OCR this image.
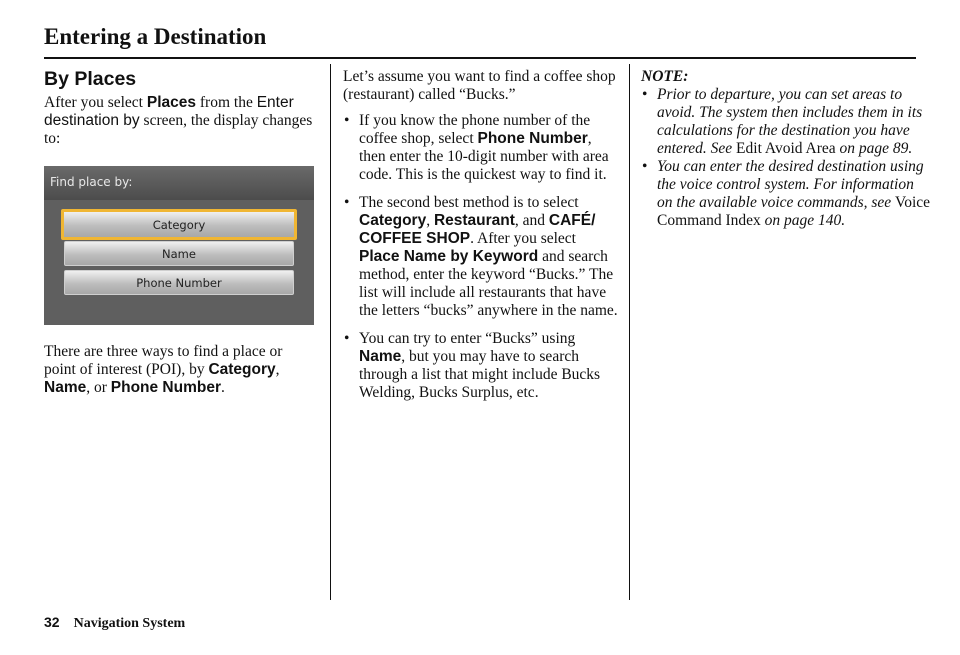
Entering a Destination
By Places

After you select Places from the Enter destination by screen, the display changes to:

Find place by:
Category
Name
Phone Number

There are three ways to find a place or point of interest (POI), by Category, Name, or Phone Number.

Let’s assume you want to find a coffee shop (restaurant) called “Bucks.”

• If you know the phone number of the coffee shop, select Phone Number, then enter the 10-digit number with area code. This is the quickest way to find it.
• The second best method is to select Category, Restaurant, and CAFÉ/ COFFEE SHOP. After you select Place Name by Keyword and search method, enter the keyword “Bucks.” The list will include all restaurants that have the letters “bucks” anywhere in the name.
• You can try to enter “Bucks” using Name, but you may have to search through a list that might include Bucks Welding, Bucks Surplus, etc.
NOTE:
• Prior to departure, you can set areas to avoid. The system then includes them in its calculations for the destination you have entered. See Edit Avoid Area on page 89.
• You can enter the desired destination using the voice control system. For information on the available voice commands, see Voice Command Index on page 140.
32 Navigation System
